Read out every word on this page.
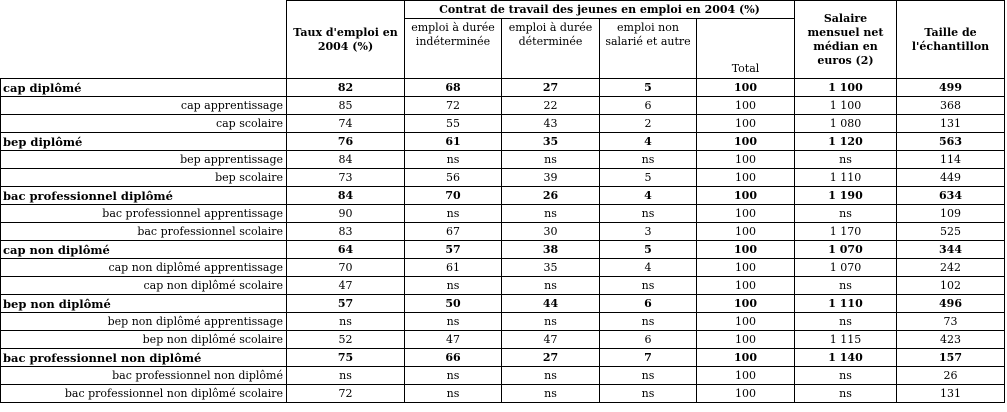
	Taux d'emploi en 2004 (%)	Contrat de travail des jeunes en emploi en 2004 (%)				Salaire mensuel net médian en euros (2)	Taille de l'échantillon
		emploi à durée indéterminée	emploi à durée déterminée	emploi non salarié et autre	Total		
cap diplômé	82	68	27	5	100	1 100	499
cap apprentissage	85	72	22	6	100	1 100	368
cap scolaire	74	55	43	2	100	1 080	131
bep diplômé	76	61	35	4	100	1 120	563
bep apprentissage	84	ns	ns	ns	100	ns	114
bep scolaire	73	56	39	5	100	1 110	449
bac professionnel diplômé	84	70	26	4	100	1 190	634
bac professionnel apprentissage	90	ns	ns	ns	100	ns	109
bac professionnel scolaire	83	67	30	3	100	1 170	525
cap non diplômé	64	57	38	5	100	1 070	344
cap non diplômé apprentissage	70	61	35	4	100	1 070	242
cap non diplômé scolaire	47	ns	ns	ns	100	ns	102
bep non diplômé	57	50	44	6	100	1 110	496
bep non diplômé apprentissage	ns	ns	ns	ns	100	ns	73
bep non diplômé scolaire	52	47	47	6	100	1 115	423
bac professionnel non diplômé	75	66	27	7	100	1 140	157
bac professionnel non diplômé	ns	ns	ns	ns	100	ns	26
bac professionnel non diplômé scolaire	72	ns	ns	ns	100	ns	131
